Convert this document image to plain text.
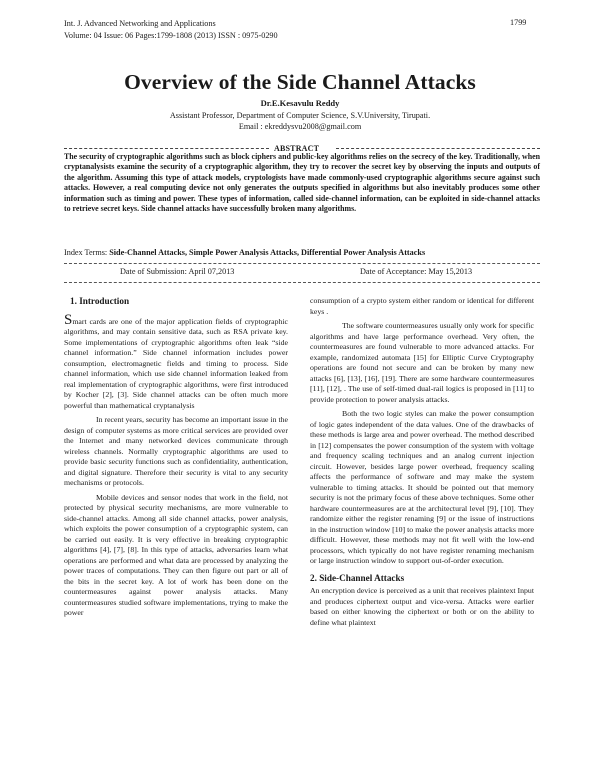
Int. J. Advanced Networking and Applications
Volume: 04 Issue: 06 Pages:1799-1808 (2013) ISSN : 0975-0290
1799
Overview of the Side Channel Attacks
Dr.E.Kesavulu Reddy
Assistant Professor, Department of Computer Science, S.V.University, Tirupati.
Email : ekreddysvu2008@gmail.com
ABSTRACT
The security of cryptographic algorithms such as block ciphers and public-key algorithms relies on the secrecy of the key. Traditionally, when cryptanalysists examine the security of a cryptographic algorithm, they try to recover the secret key by observing the inputs and outputs of the algorithm. Assuming this type of attack models, cryptologists have made commonly-used cryptographic algorithms secure against such attacks. However, a real computing device not only generates the outputs specified in algorithms but also inevitably produces some other information such as timing and power. These types of information, called side-channel information, can be exploited in side-channel attacks to retrieve secret keys. Side channel attacks have successfully broken many algorithms.
Index Terms: Side-Channel Attacks, Simple Power Analysis Attacks, Differential Power Analysis Attacks
Date of Submission: April 07,2013	Date of Acceptance: May 15,2013
1. Introduction

Smart cards are one of the major application fields of cryptographic algorithms, and may contain sensitive data, such as RSA private key. Some implementations of cryptographic algorithms often leak “side channel information.” Side channel information includes power consumption, electromagnetic fields and timing to process. Side channel information, which use side channel information leaked from real implementation of cryptographic algorithms, were first introduced by Kocher [2], [3]. Side channel attacks can be often much more powerful than mathematical cryptanalysis

In recent years, security has become an important issue in the design of computer systems as more critical services are provided over the Internet and many networked devices communicate through wireless channels. Normally cryptographic algorithms are used to provide basic security functions such as confidentiality, authentication, and digital signature. Therefore their security is vital to any security mechanisms or protocols.

Mobile devices and sensor nodes that work in the field, not protected by physical security mechanisms, are more vulnerable to side-channel attacks. Among all side channel attacks, power analysis, which exploits the power consumption of a cryptographic system, can be carried out easily. It is very effective in breaking cryptographic algorithms [4], [7], [8]. In this type of attacks, adversaries learn what operations are performed and what data are processed by analyzing the power traces of computations. They can then figure out part or all of the bits in the secret key. A lot of work has been done on the countermeasures against power analysis attacks. Many countermeasures studied software implementations, trying to make the power

consumption of a crypto system either random or identical for different keys .

The software countermeasures usually only work for specific algorithms and have large performance overhead. Very often, the countermeasures are found vulnerable to more advanced attacks. For example, randomized automata [15] for Elliptic Curve Cryptography operations are found not secure and can be broken by many new attacks [6], [13], [16], [19]. There are some hardware countermeasures [11], [12], . The use of self-timed dual-rail logics is proposed in [11] to provide protection to power analysis attacks.

Both the two logic styles can make the power consumption of logic gates independent of the data values. One of the drawbacks of these methods is large area and power overhead. The method described in [12] compensates the power consumption of the system with voltage and frequency scaling techniques and an analog current injection circuit. However, besides large power overhead, frequency scaling affects the performance of software and may make the system vulnerable to timing attacks. It should be pointed out that memory security is not the primary focus of these above techniques. Some other hardware countermeasures are at the architectural level [9], [10]. They randomize either the register renaming [9] or the issue of instructions in the instruction window [10] to make the power analysis attacks more difficult. However, these methods may not fit well with the low-end processors, which typically do not have register renaming mechanism or large instruction window to support out-of-order execution.

2. Side-Channel Attacks

An encryption device is perceived as a unit that receives plaintext Input and produces ciphertext output and vice-versa. Attacks were earlier based on either knowing the ciphertext or both or on the ability to define what plaintext
